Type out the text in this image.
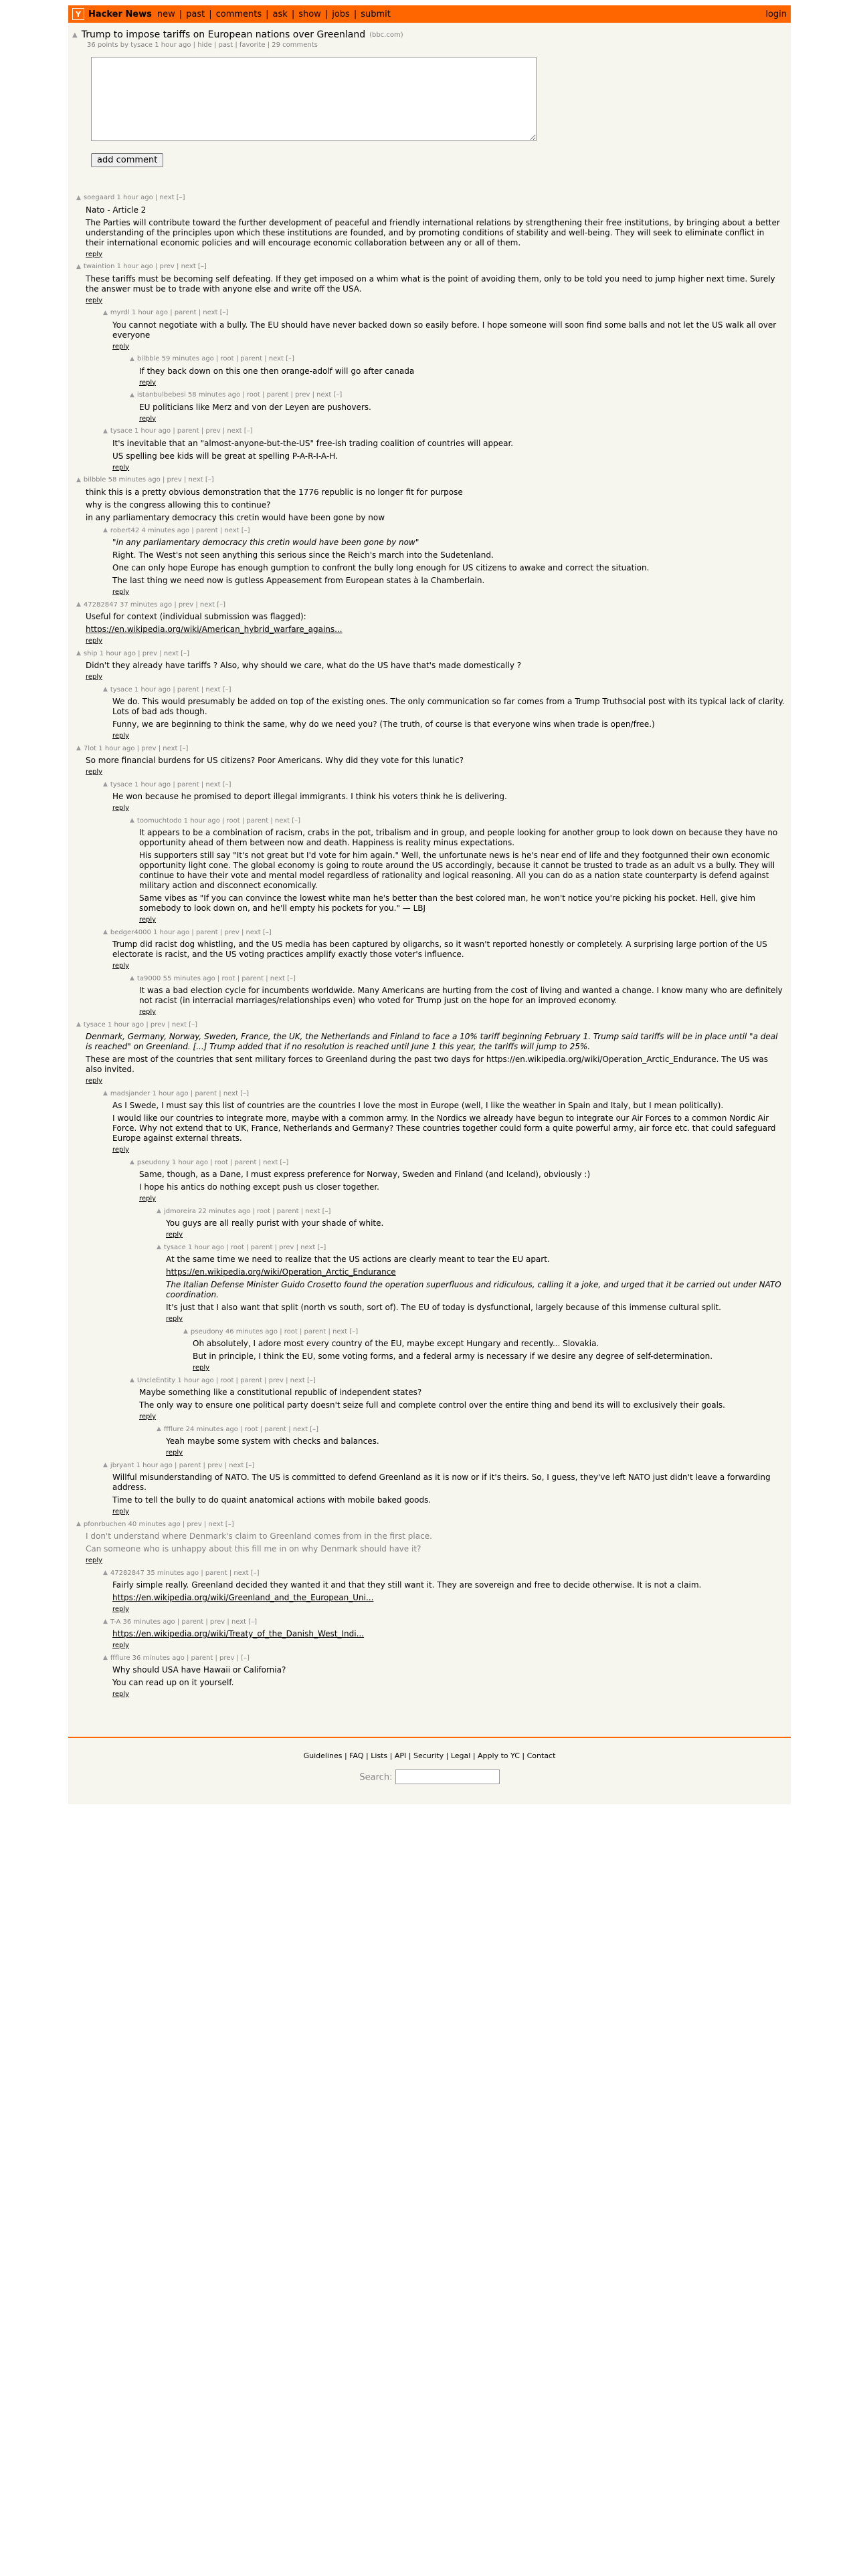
Y Hacker News new | past | comments | ask | show | jobs | submit	login
▲ Trump to impose tariffs on European nations over Greenland (bbc.com)
36 points by tysace 1 hour ago | hide | past | favorite | 29 comments

add comment
▲ soegaard 1 hour ago | next [–]

Nato - Article 2

The Parties will contribute toward the further development of peaceful and friendly international relations by strengthening their free institutions, by bringing about a better understanding of the principles upon which these institutions are founded, and by promoting conditions of stability and well-being. They will seek to eliminate conflict in their international economic policies and will encourage economic collaboration between any or all of them.

reply
▲ twaintion 1 hour ago | prev | next [–]

These tariffs must be becoming self defeating. If they get imposed on a whim what is the point of avoiding them, only to be told you need to jump higher next time. Surely the answer must be to trade with anyone else and write off the USA.

reply
▲ myrdl 1 hour ago | parent | next [–]

You cannot negotiate with a bully. The EU should have never backed down so easily before. I hope someone will soon find some balls and not let the US walk all over everyone

reply
▲ bilbble 59 minutes ago | root | parent | next [–]

If they back down on this one then orange-adolf will go after canada

reply
▲ istanbulbebesi 58 minutes ago | root | parent | prev | next [–]

EU politicians like Merz and von der Leyen are pushovers.

reply
▲ tysace 1 hour ago | parent | prev | next [–]

It's inevitable that an "almost-anyone-but-the-US" free-ish trading coalition of countries will appear.

US spelling bee kids will be great at spelling P-A-R-I-A-H.

reply
▲ bilbble 58 minutes ago | prev | next [–]

think this is a pretty obvious demonstration that the 1776 republic is no longer fit for purpose

why is the congress allowing this to continue?

in any parliamentary democracy this cretin would have been gone by now

▲ robert42 4 minutes ago | parent | next [–]

"in any parliamentary democracy this cretin would have been gone by now"

Right. The West's not seen anything this serious since the Reich's march into the Sudetenland.

One can only hope Europe has enough gumption to confront the bully long enough for US citizens to awake and correct the situation.

The last thing we need now is gutless Appeasement from European states à la Chamberlain.

reply
▲ 47282847 37 minutes ago | prev | next [–]

Useful for context (individual submission was flagged):

https://en.wikipedia.org/wiki/American_hybrid_warfare_agains...

reply
▲ ship 1 hour ago | prev | next [–]

Didn't they already have tariffs ? Also, why should we care, what do the US have that's made domestically ?

reply
▲ tysace 1 hour ago | parent | next [–]

We do. This would presumably be added on top of the existing ones. The only communication so far comes from a Trump Truthsocial post with its typical lack of clarity. Lots of bad ads though.

Funny, we are beginning to think the same, why do we need you? (The truth, of course is that everyone wins when trade is open/free.)

reply
▲ 7lot 1 hour ago | prev | next [–]

So more financial burdens for US citizens? Poor Americans. Why did they vote for this lunatic?

reply
▲ tysace 1 hour ago | parent | next [–]

He won because he promised to deport illegal immigrants. I think his voters think he is delivering.

reply
▲ toomuchtodo 1 hour ago | root | parent | next [–]

It appears to be a combination of racism, crabs in the pot, tribalism and in group, and people looking for another group to look down on because they have no opportunity ahead of them between now and death. Happiness is reality minus expectations.

His supporters still say "It's not great but I'd vote for him again." Well, the unfortunate news is he's near end of life and they footgunned their own economic opportunity light cone. The global economy is going to route around the US accordingly, because it cannot be trusted to trade as an adult vs a bully. They will continue to have their vote and mental model regardless of rationality and logical reasoning. All you can do as a nation state counterparty is defend against military action and disconnect economically.

Same vibes as "If you can convince the lowest white man he's better than the best colored man, he won't notice you're picking his pocket. Hell, give him somebody to look down on, and he'll empty his pockets for you." — LBJ

reply
▲ bedger4000 1 hour ago | parent | prev | next [–]

Trump did racist dog whistling, and the US media has been captured by oligarchs, so it wasn't reported honestly or completely. A surprising large portion of the US electorate is racist, and the US voting practices amplify exactly those voter's influence.

reply
▲ ta9000 55 minutes ago | root | parent | next [–]

It was a bad election cycle for incumbents worldwide. Many Americans are hurting from the cost of living and wanted a change. I know many who are definitely not racist (in interracial marriages/relationships even) who voted for Trump just on the hope for an improved economy.

reply
▲ tysace 1 hour ago | prev | next [–]

Denmark, Germany, Norway, Sweden, France, the UK, the Netherlands and Finland to face a 10% tariff beginning February 1. Trump said tariffs will be in place until "a deal is reached" on Greenland. [...] Trump added that if no resolution is reached until June 1 this year, the tariffs will jump to 25%.

These are most of the countries that sent military forces to Greenland during the past two days for https://en.wikipedia.org/wiki/Operation_Arctic_Endurance. The US was also invited.

reply
▲ madsjander 1 hour ago | parent | next [–]

As I Swede, I must say this list of countries are the countries I love the most in Europe (well, I like the weather in Spain and Italy, but I mean politically).

I would like our countries to integrate more, maybe with a common army. In the Nordics we already have begun to integrate our Air Forces to a common Nordic Air Force. Why not extend that to UK, France, Netherlands and Germany? These countries together could form a quite powerful army, air force etc. that could safeguard Europe against external threats.

reply
▲ pseudony 1 hour ago | root | parent | next [–]

Same, though, as a Dane, I must express preference for Norway, Sweden and Finland (and Iceland), obviously :)

I hope his antics do nothing except push us closer together.

reply
▲ jdmoreira 22 minutes ago | root | parent | next [–]

You guys are all really purist with your shade of white.

reply
▲ tysace 1 hour ago | root | parent | prev | next [–]

At the same time we need to realize that the US actions are clearly meant to tear the EU apart.

https://en.wikipedia.org/wiki/Operation_Arctic_Endurance

The Italian Defense Minister Guido Crosetto found the operation superfluous and ridiculous, calling it a joke, and urged that it be carried out under NATO coordination.

It's just that I also want that split (north vs south, sort of). The EU of today is dysfunctional, largely because of this immense cultural split.

reply
▲ pseudony 46 minutes ago | root | parent | next [–]

Oh absolutely, I adore most every country of the EU, maybe except Hungary and recently... Slovakia.

But in principle, I think the EU, some voting forms, and a federal army is necessary if we desire any degree of self-determination.

reply
▲ UncleEntity 1 hour ago | root | parent | prev | next [–]

Maybe something like a constitutional republic of independent states?

The only way to ensure one political party doesn't seize full and complete control over the entire thing and bend its will to exclusively their goals.

reply
▲ ffflure 24 minutes ago | root | parent | next [–]

Yeah maybe some system with checks and balances.

reply
▲ jbryant 1 hour ago | parent | prev | next [–]

Willful misunderstanding of NATO. The US is committed to defend Greenland as it is now or if it's theirs. So, I guess, they've left NATO just didn't leave a forwarding address.

Time to tell the bully to do quaint anatomical actions with mobile baked goods.

reply
▲ pfonrbuchen 40 minutes ago | prev | next [–]

I don't understand where Denmark's claim to Greenland comes from in the first place.

Can someone who is unhappy about this fill me in on why Denmark should have it?

reply
▲ 47282847 35 minutes ago | parent | next [–]

Fairly simple really. Greenland decided they wanted it and that they still want it. They are sovereign and free to decide otherwise. It is not a claim.

https://en.wikipedia.org/wiki/Greenland_and_the_European_Uni...

reply
▲ T-A 36 minutes ago | parent | prev | next [–]

https://en.wikipedia.org/wiki/Treaty_of_the_Danish_West_Indi...

reply
▲ ffflure 36 minutes ago | parent | prev | [–]

Why should USA have Hawaii or California?

You can read up on it yourself.

reply
Guidelines | FAQ | Lists | API | Security | Legal | Apply to YC | Contact
Search:
